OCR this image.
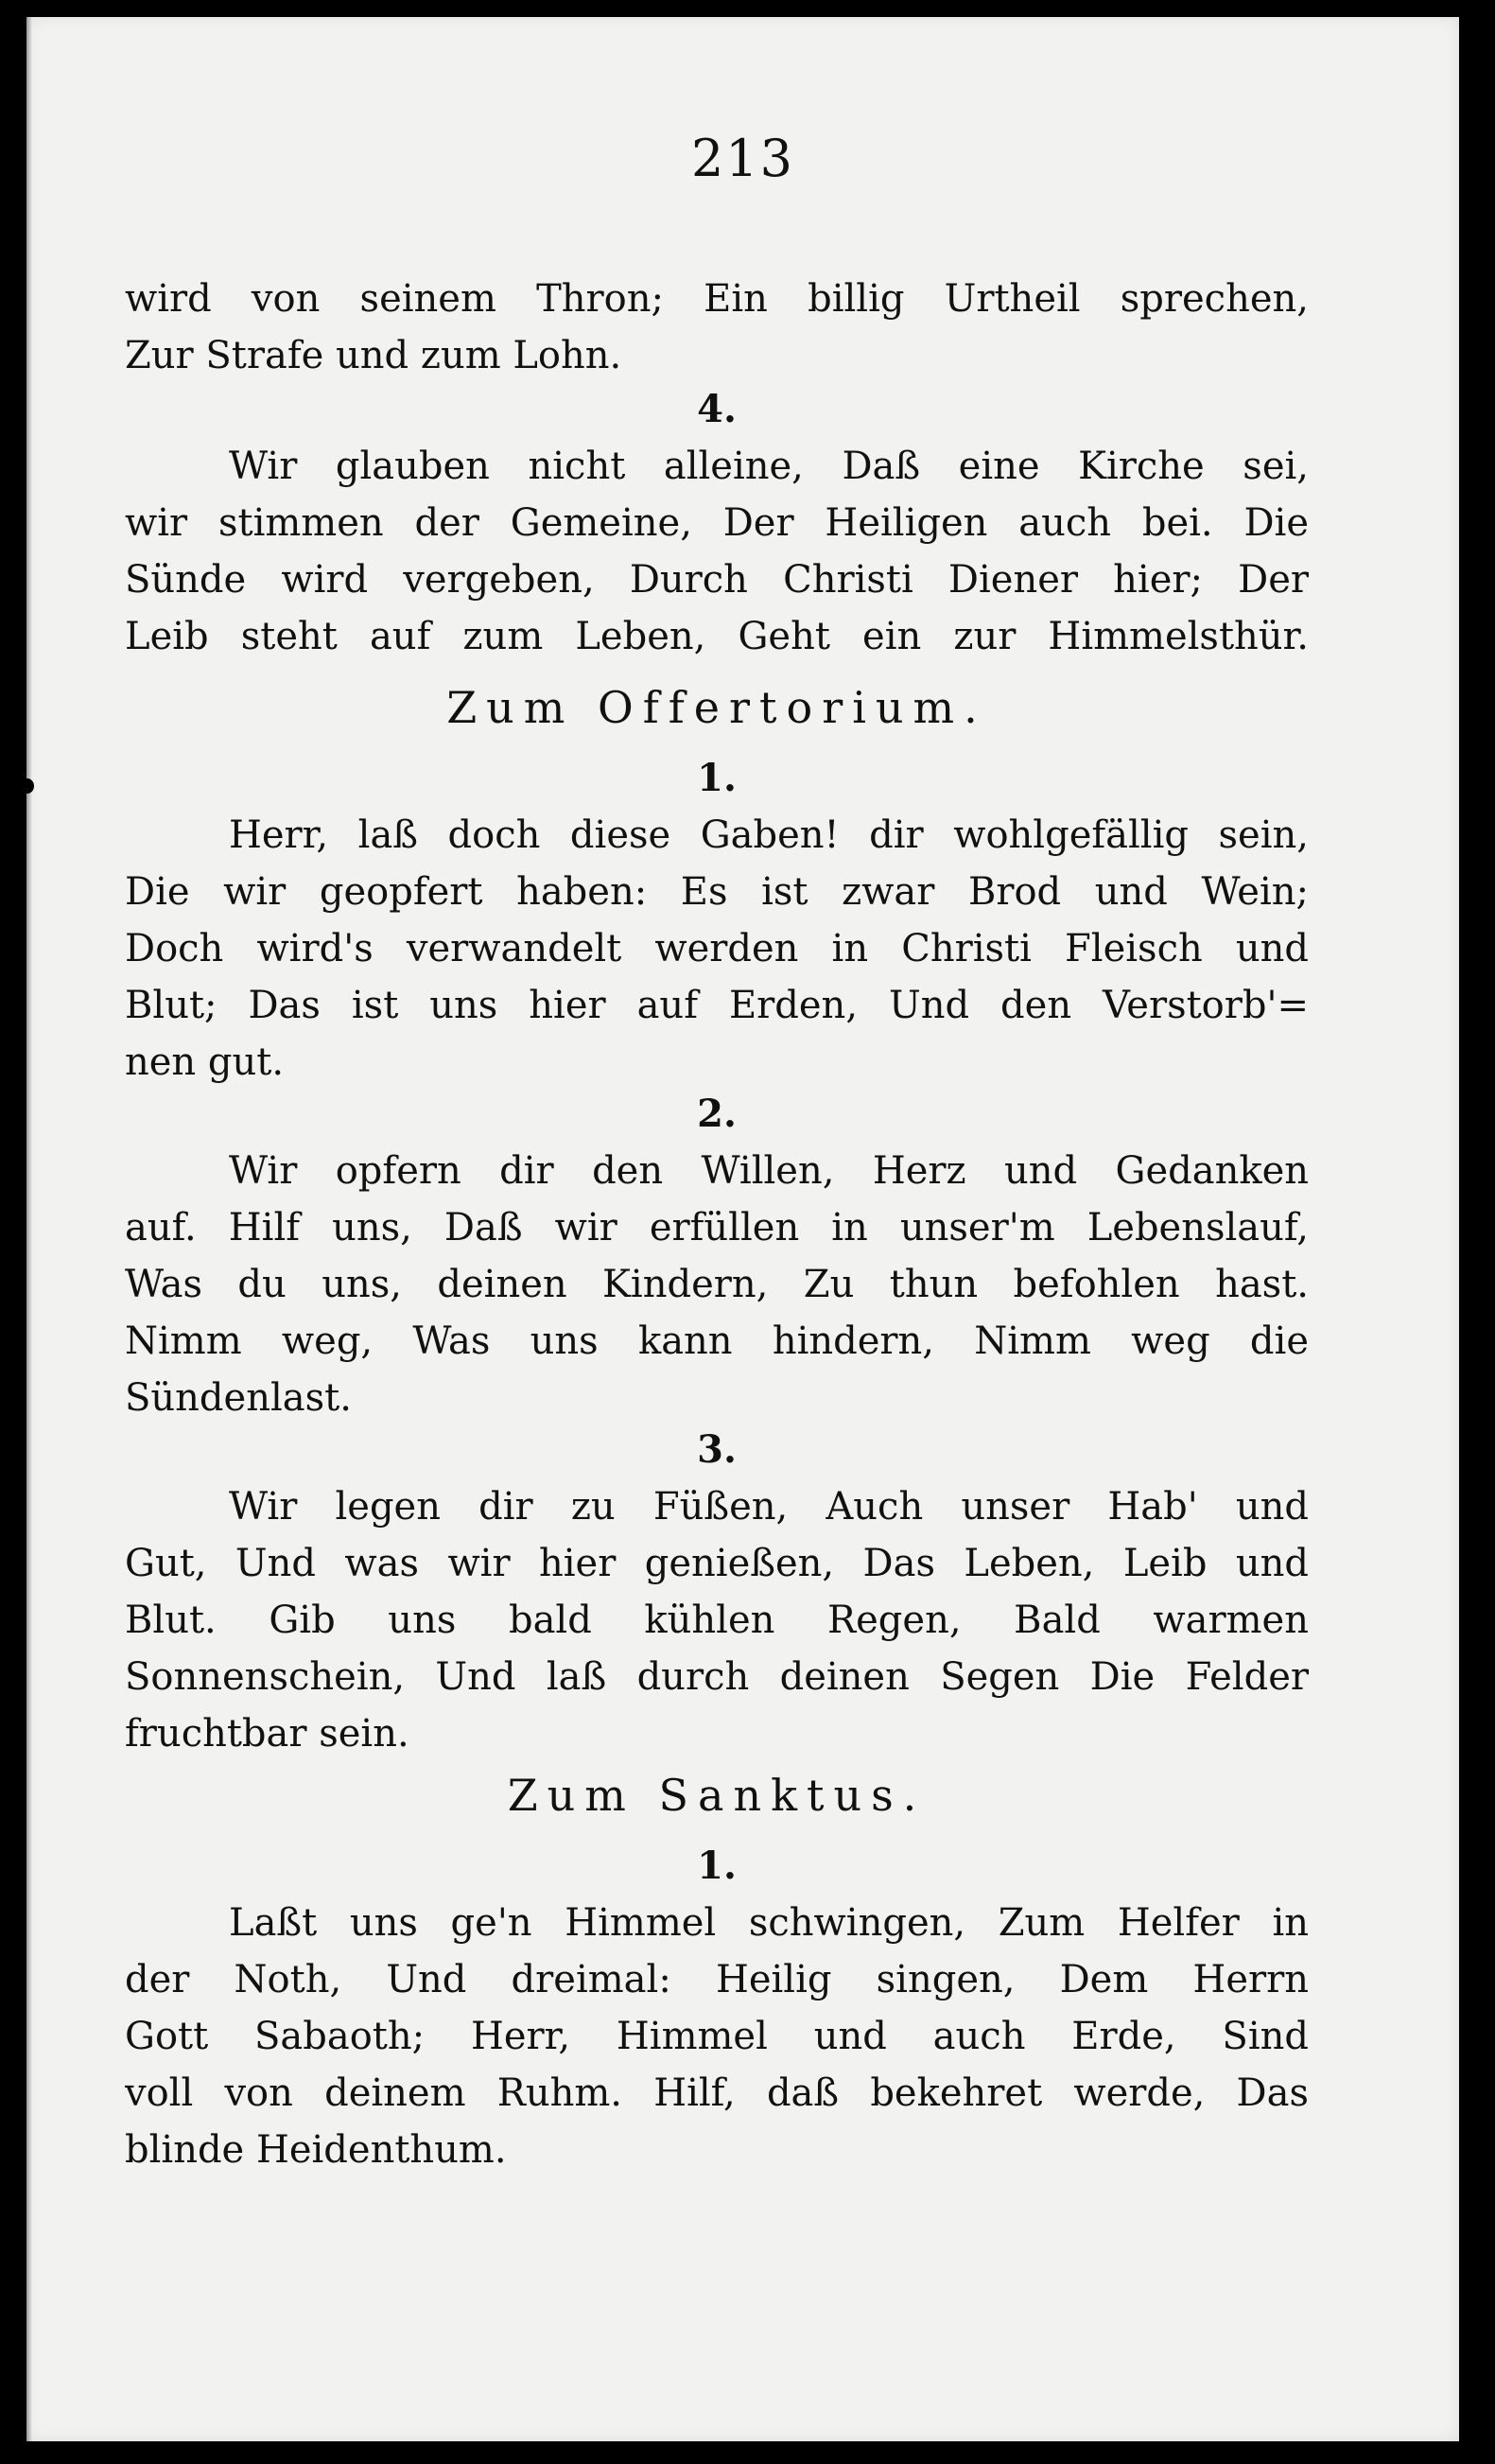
213
wird von seinem Thron; Ein billig Urtheil sprechen,
Zur Strafe und zum Lohn.
4.
Wir glauben nicht alleine, Daß eine Kirche sei,
wir stimmen der Gemeine, Der Heiligen auch bei. Die
Sünde wird vergeben, Durch Christi Diener hier; Der
Leib steht auf zum Leben, Geht ein zur Himmelsthür.
Zum Offertorium.
1.
Herr, laß doch diese Gaben! dir wohlgefällig sein,
Die wir geopfert haben: Es ist zwar Brod und Wein;
Doch wird's verwandelt werden in Christi Fleisch und
Blut; Das ist uns hier auf Erden, Und den Verstorb'=
nen gut.
2.
Wir opfern dir den Willen, Herz und Gedanken
auf. Hilf uns, Daß wir erfüllen in unser'm Lebenslauf,
Was du uns, deinen Kindern, Zu thun befohlen hast.
Nimm weg, Was uns kann hindern, Nimm weg die
Sündenlast.
3.
Wir legen dir zu Füßen, Auch unser Hab' und
Gut, Und was wir hier genießen, Das Leben, Leib und
Blut. Gib uns bald kühlen Regen, Bald warmen
Sonnenschein, Und laß durch deinen Segen Die Felder
fruchtbar sein.
Zum Sanktus.
1.
Laßt uns ge'n Himmel schwingen, Zum Helfer in
der Noth, Und dreimal: Heilig singen, Dem Herrn
Gott Sabaoth; Herr, Himmel und auch Erde, Sind
voll von deinem Ruhm. Hilf, daß bekehret werde, Das
blinde Heidenthum.
